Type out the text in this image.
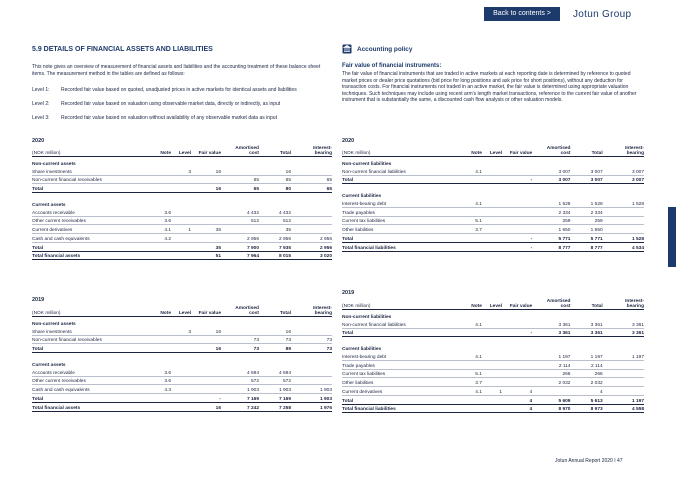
Back to contents >	Jotun Group
5.9 DETAILS OF FINANCIAL ASSETS AND LIABILITIES
This note gives an overview of measurement of financial assets and liabilities and the accounting treatment of these balance sheet items. The measurement method in the tables are defined as follows:
Level 1:	Recorded fair value based on quoted, unadjusted prices in active markets for identical assets and liabilities
Level 2:	Recorded fair value based on valuation using observable market data, directly or indirectly, as input
Level 3:	Recorded fair value based on valuation without availability of any observable market data as input
Accounting policy
Fair value of financial instruments:
The fair value of financial instruments that are traded in active markets at each reporting date is determined by reference to quoted market prices or dealer price quotations (bid price for long positions and ask price for short positions), without any deduction for transaction costs. For financial instruments not traded in an active market, the fair value is determined using appropriate valuation techniques. Such techniques may include using recent arm's length market transactions, reference to the current fair value of another instrument that is substantially the same, a discounted cash flow analysis or other valuation models.
2020
(NOK million)	Note	Level	Fair value	Amortised
cost	Total	Interest-
bearing
Non-current assets						
Share investments		3	16		16	
Non-current financial receivables				65	65	65
Total			16	65	80	65

Current assets						
Accounts receivable	3.6			4 432	4 432	
Other current receivables	3.6			512	512	
Current derivatives	4.1	1	35		35	
Cash and cash equivalents	4.2			2 956	2 956	2 956
Total			35	7 900	7 935	2 956
Total financial assets			51	7 964	8 015	3 020
2019
(NOK million)	Note	Level	Fair value	Amortised
cost	Total	Interest-
bearing
Non-current assets						
Share investments		3	16		16	
Non-current financial receivables				73	73	73
Total			16	73	89	73

Current assets						
Accounts receivable	3.6			4 694	4 694	
Other current receivables	3.6			572	572	
Cash and cash equivalents	4.3			1 903	1 903	1 903
Total			-	7 169	7 169	1 903
Total financial assets			16	7 242	7 258	1 976
2020
(NOK million)	Note	Level	Fair value	Amortised
cost	Total	Interest-
bearing
Non-current liabilities						
Non-current financial liabilities	4.1			3 007	3 007	3 007
Total			-	3 007	3 007	3 007

Current liabilities						
Interest-bearing debt	4.1			1 528	1 528	1 528
Trade payables				2 334	2 334	
Current tax liabilities	5.1			259	259	
Other liabilities	3.7			1 650	1 650	
Total			-	5 771	5 771	1 528
Total financial liabilities			-	8 777	8 777	4 534
2019
(NOK million)	Note	Level	Fair value	Amortised
cost	Total	Interest-
bearing
Non-current liabilities						
Non-current financial liabilities	4.1			3 361	3 361	3 361
Total			-	3 361	3 361	3 361

Current liabilities						
Interest-bearing debt	4.1			1 197	1 197	1 197
Trade payables				2 114	2 114	
Current tax liabilities	5.1			266	266	
Other liabilities	3.7			2 032	2 032	
Current derivatives	4.1	1	4		4	
Total			4	5 609	5 613	1 197
Total financial liabilities			4	8 970	8 973	4 558
Jotun Annual Report 2020 I 47
